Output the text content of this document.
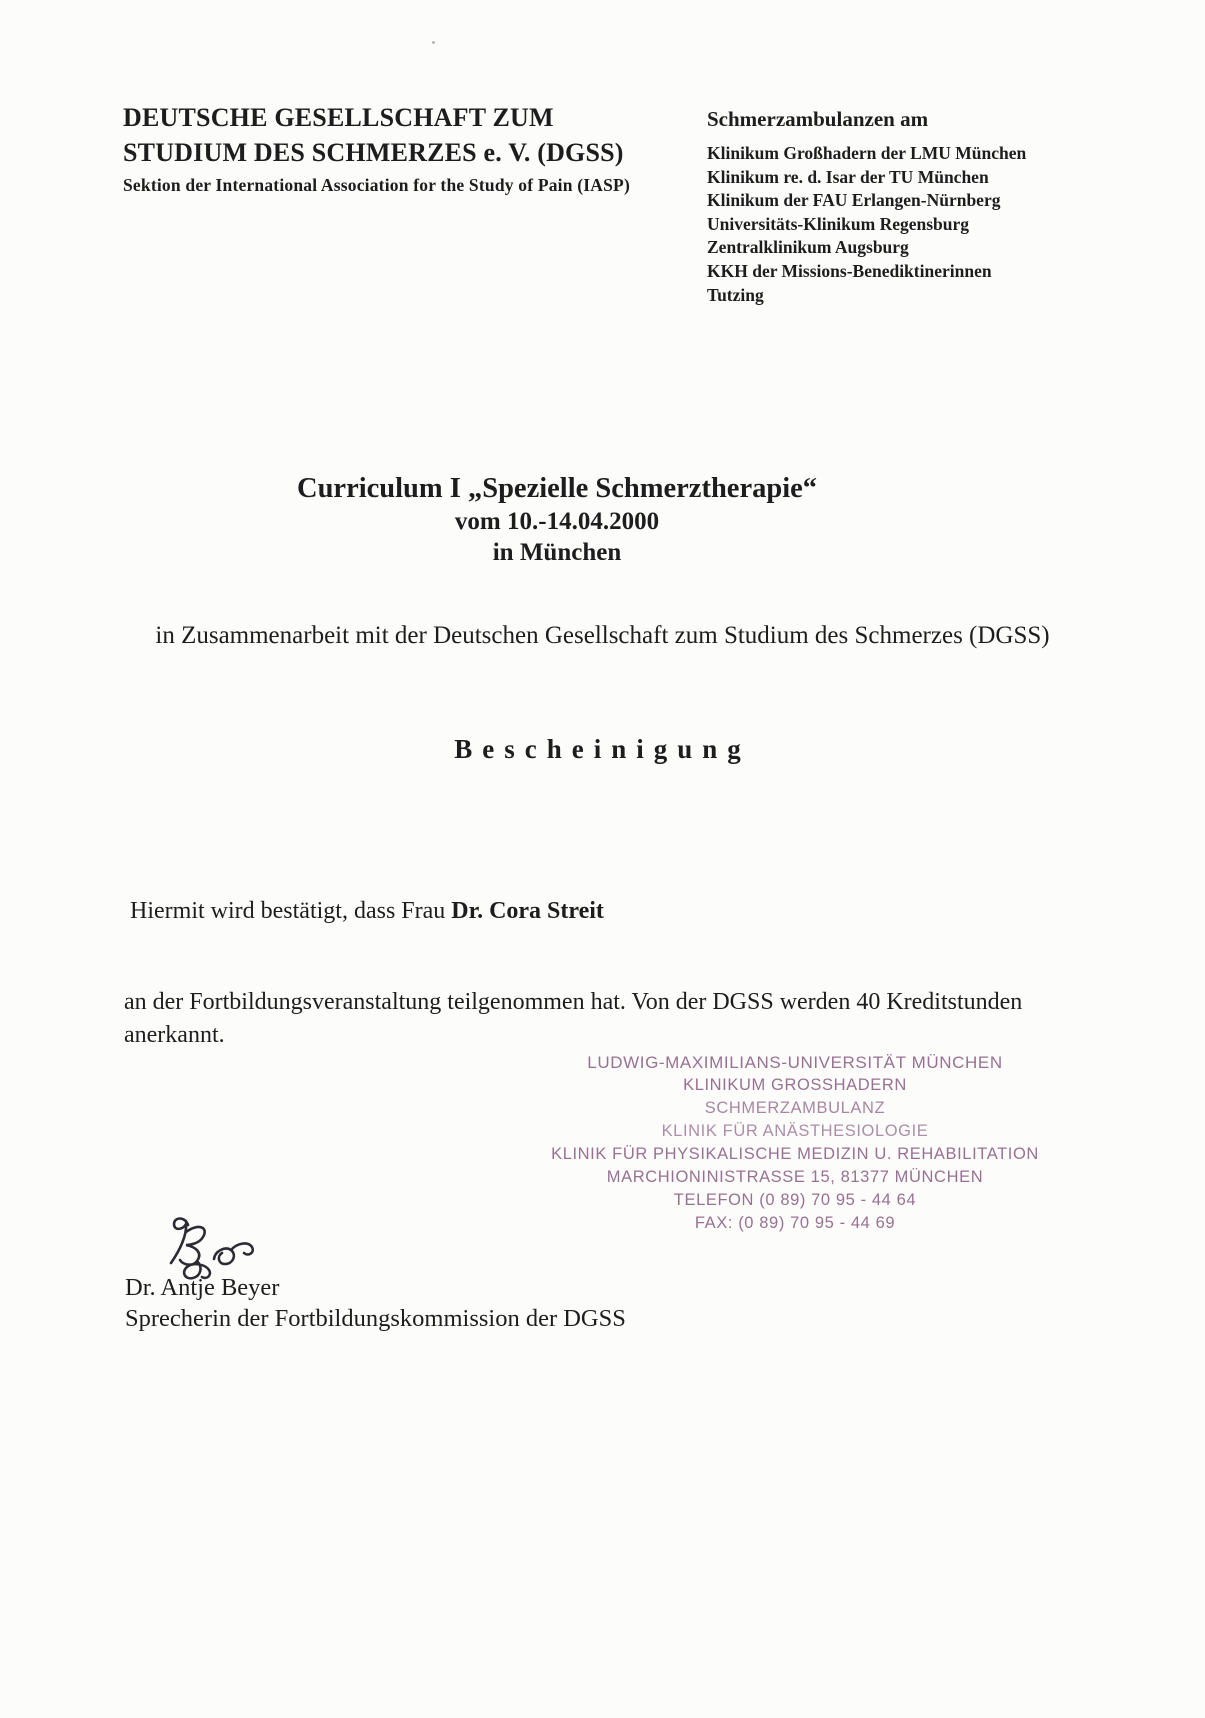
DEUTSCHE GESELLSCHAFT ZUM
STUDIUM DES SCHMERZES e. V. (DGSS)
Sektion der International Association for the Study of Pain (IASP)
Schmerzambulanzen am
Klinikum Großhadern der LMU München
Klinikum re. d. Isar der TU München
Klinikum der FAU Erlangen-Nürnberg
Universitäts-Klinikum Regensburg
Zentralklinikum Augsburg
KKH der Missions-Benediktinerinnen
Tutzing
Curriculum I „Spezielle Schmerztherapie“
vom 10.-14.04.2000
in München
in Zusammenarbeit mit der Deutschen Gesellschaft zum Studium des Schmerzes (DGSS)
Bescheinigung
Hiermit wird bestätigt, dass Frau Dr. Cora Streit
an der Fortbildungsveranstaltung teilgenommen hat. Von der DGSS werden 40 Kreditstunden
anerkannt.
LUDWIG-MAXIMILIANS-UNIVERSITÄT MÜNCHEN
KLINIKUM GROSSHADERN
SCHMERZAMBULANZ
KLINIK FÜR ANÄSTHESIOLOGIE
KLINIK FÜR PHYSIKALISCHE MEDIZIN U. REHABILITATION
MARCHIONINISTRASSE 15, 81377 MÜNCHEN
TELEFON (0 89) 70 95 - 44 64
FAX: (0 89) 70 95 - 44 69
Dr. Antje Beyer
Sprecherin der Fortbildungskommission der DGSS
